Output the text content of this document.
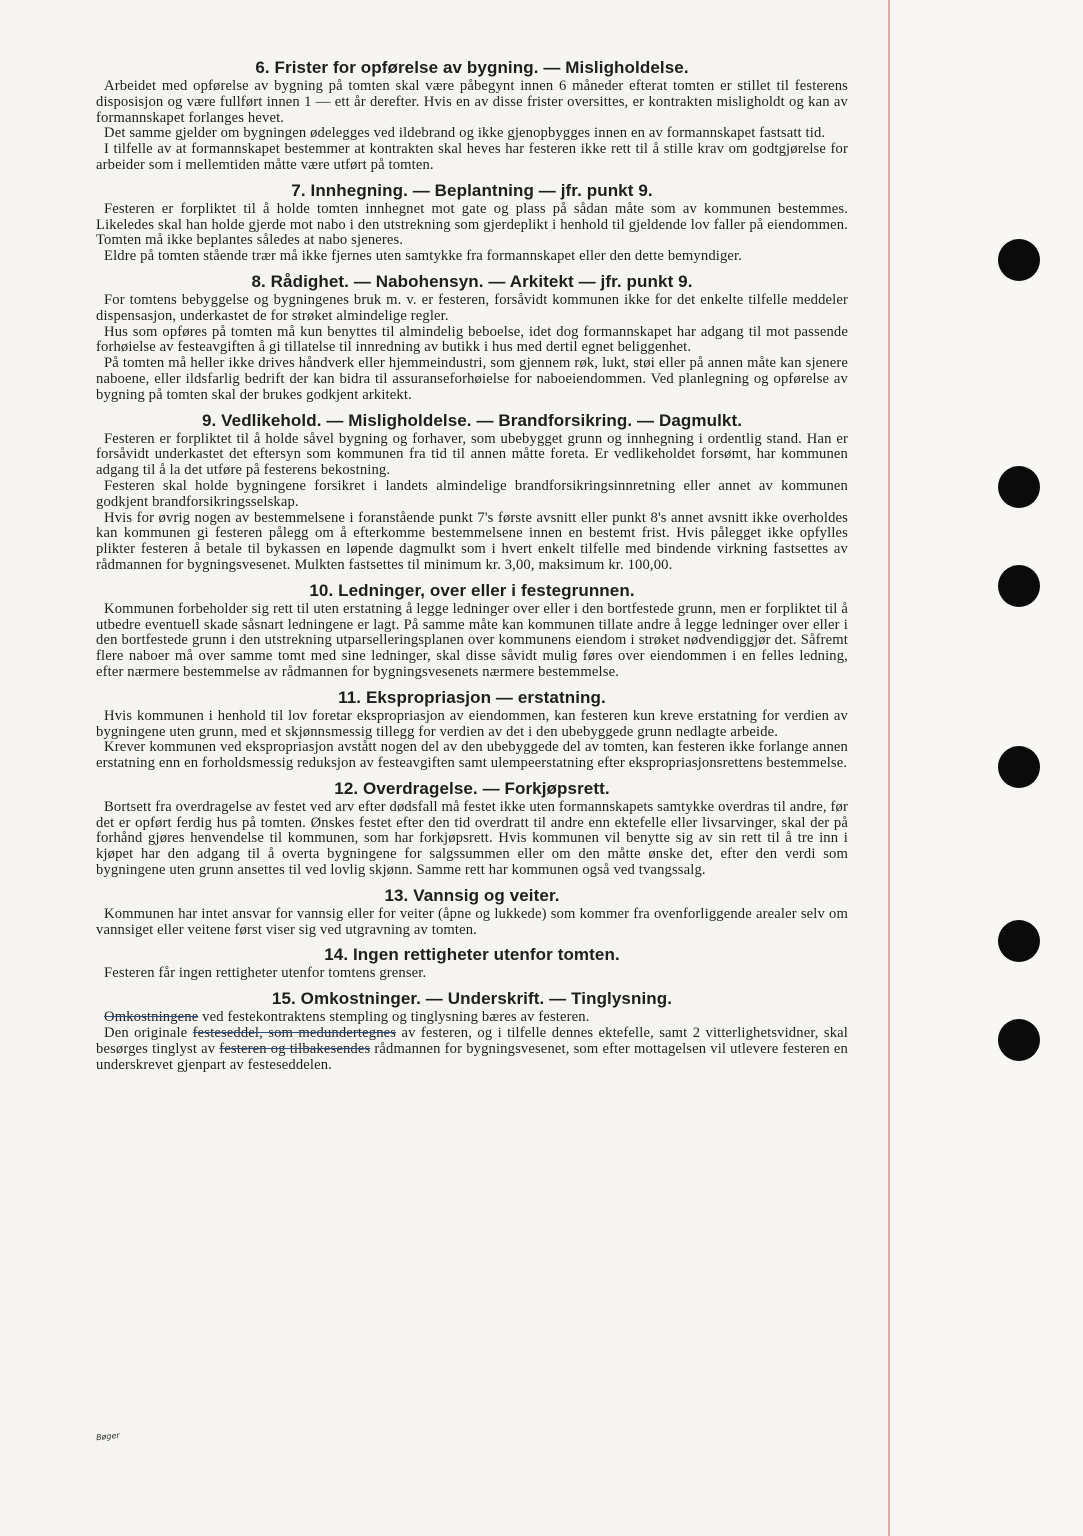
6. Frister for opførelse av bygning. — Misligholdelse.

Arbeidet med opførelse av bygning på tomten skal være påbegynt innen 6 måneder efterat tomten er stillet til festerens disposisjon og være fullført innen 1 — ett år derefter. Hvis en av disse frister oversittes, er kontrakten misligholdt og kan av formannskapet forlanges hevet.

Det samme gjelder om bygningen ødelegges ved ildebrand og ikke gjenopbygges innen en av formannskapet fastsatt tid.

I tilfelle av at formannskapet bestemmer at kontrakten skal heves har festeren ikke rett til å stille krav om godtgjørelse for arbeider som i mellemtiden måtte være utført på tomten.

7. Innhegning. — Beplantning — jfr. punkt 9.

Festeren er forpliktet til å holde tomten innhegnet mot gate og plass på sådan måte som av kommunen bestemmes. Likeledes skal han holde gjerde mot nabo i den utstrekning som gjerdeplikt i henhold til gjeldende lov faller på eiendommen. Tomten må ikke beplantes således at nabo sjeneres.

Eldre på tomten stående trær må ikke fjernes uten samtykke fra formannskapet eller den dette bemyndiger.

8. Rådighet. — Nabohensyn. — Arkitekt — jfr. punkt 9.

For tomtens bebyggelse og bygningenes bruk m. v. er festeren, forsåvidt kommunen ikke for det enkelte tilfelle meddeler dispensasjon, underkastet de for strøket almindelige regler.

Hus som opføres på tomten må kun benyttes til almindelig beboelse, idet dog formannskapet har adgang til mot passende forhøielse av festeavgiften å gi tillatelse til innredning av butikk i hus med dertil egnet beliggenhet.

På tomten må heller ikke drives håndverk eller hjemmeindustri, som gjennem røk, lukt, støi eller på annen måte kan sjenere naboene, eller ildsfarlig bedrift der kan bidra til assuranseforhøielse for naboeiendommen. Ved planlegning og opførelse av bygning på tomten skal der brukes godkjent arkitekt.

9. Vedlikehold. — Misligholdelse. — Brandforsikring. — Dagmulkt.

Festeren er forpliktet til å holde såvel bygning og forhaver, som ubebygget grunn og innhegning i ordentlig stand. Han er forsåvidt underkastet det eftersyn som kommunen fra tid til annen måtte foreta. Er vedlikeholdet forsømt, har kommunen adgang til å la det utføre på festerens bekostning.

Festeren skal holde bygningene forsikret i landets almindelige brandforsikringsinnretning eller annet av kommunen godkjent brandforsikringsselskap.

Hvis for øvrig nogen av bestemmelsene i foranstående punkt 7's første avsnitt eller punkt 8's annet avsnitt ikke overholdes kan kommunen gi festeren pålegg om å efterkomme bestemmelsene innen en bestemt frist. Hvis pålegget ikke opfylles plikter festeren å betale til bykassen en løpende dagmulkt som i hvert enkelt tilfelle med bindende virkning fastsettes av rådmannen for bygningsvesenet. Mulkten fastsettes til minimum kr. 3,00, maksimum kr. 100,00.

10. Ledninger, over eller i festegrunnen.

Kommunen forbeholder sig rett til uten erstatning å legge ledninger over eller i den bortfestede grunn, men er forpliktet til å utbedre eventuell skade såsnart ledningene er lagt. På samme måte kan kommunen tillate andre å legge ledninger over eller i den bortfestede grunn i den utstrekning utparselleringsplanen over kommunens eiendom i strøket nødvendiggjør det. Såfremt flere naboer må over samme tomt med sine ledninger, skal disse såvidt mulig føres over eiendommen i en felles ledning, efter nærmere bestemmelse av rådmannen for bygningsvesenets nærmere bestemmelse.

11. Ekspropriasjon — erstatning.

Hvis kommunen i henhold til lov foretar ekspropriasjon av eiendommen, kan festeren kun kreve erstatning for verdien av bygningene uten grunn, med et skjønnsmessig tillegg for verdien av det i den ubebyggede grunn nedlagte arbeide.

Krever kommunen ved ekspropriasjon avstått nogen del av den ubebyggede del av tomten, kan festeren ikke forlange annen erstatning enn en forholdsmessig reduksjon av festeavgiften samt ulempeerstatning efter ekspropriasjonsrettens bestemmelse.

12. Overdragelse. — Forkjøpsrett.

Bortsett fra overdragelse av festet ved arv efter dødsfall må festet ikke uten formannskapets samtykke overdras til andre, før det er opført ferdig hus på tomten. Ønskes festet efter den tid overdratt til andre enn ektefelle eller livsarvinger, skal der på forhånd gjøres henvendelse til kommunen, som har forkjøpsrett. Hvis kommunen vil benytte sig av sin rett til å tre inn i kjøpet har den adgang til å overta bygningene for salgssummen eller om den måtte ønske det, efter den verdi som bygningene uten grunn ansettes til ved lovlig skjønn. Samme rett har kommunen også ved tvangssalg.

13. Vannsig og veiter.

Kommunen har intet ansvar for vannsig eller for veiter (åpne og lukkede) som kommer fra ovenforliggende arealer selv om vannsiget eller veitene først viser sig ved utgravning av tomten.

14. Ingen rettigheter utenfor tomten.

Festeren får ingen rettigheter utenfor tomtens grenser.

15. Omkostninger. — Underskrift. — Tinglysning.

Omkostningene ved festekontraktens stempling og tinglysning bæres av festeren.

Den originale festeseddel, som medundertegnes av festeren, og i tilfelle dennes ektefelle, samt 2 vitterlighetsvidner, skal besørges tinglyst av festeren og tilbakesendes rådmannen for bygningsvesenet, som efter mottagelsen vil utlevere festeren en underskrevet gjenpart av festeseddelen.

Bøger
